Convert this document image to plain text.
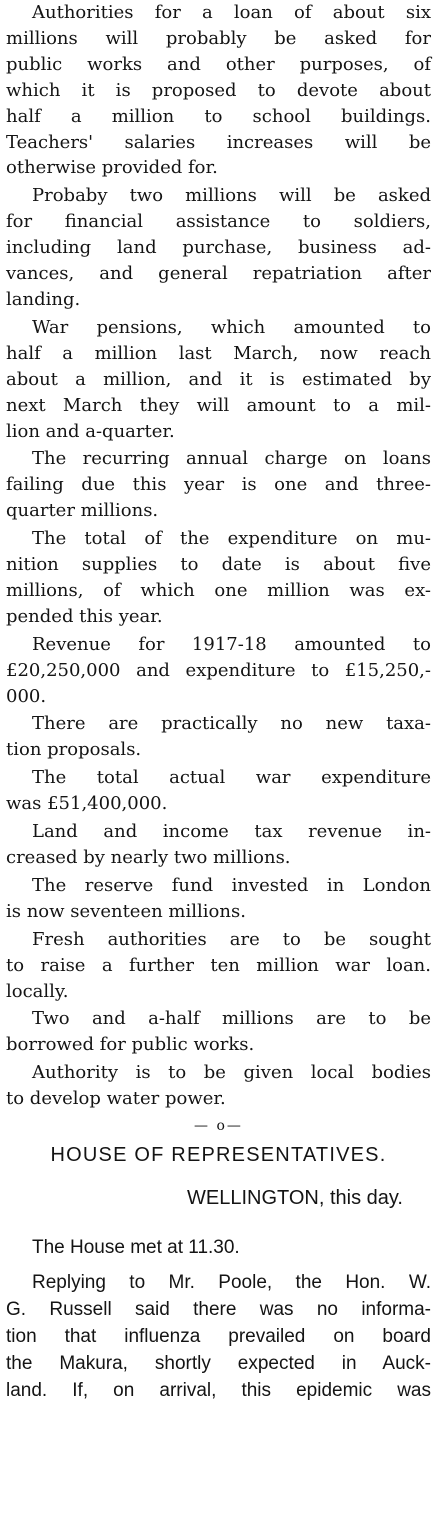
Authorities for a loan of about six
millions will probably be asked for
public works and other purposes, of
which it is proposed to devote about
half a million to school buildings.
Teachers' salaries increases will be
otherwise provided for.

Probaby two millions will be asked
for financial assistance to soldiers,
including land purchase, business ad-
vances, and general repatriation after
landing.

War pensions, which amounted to
half a million last March, now reach
about a million, and it is estimated by
next March they will amount to a mil-
lion and a-quarter.

The recurring annual charge on loans
failing due this year is one and three-
quarter millions.

The total of the expenditure on mu-
nition supplies to date is about five
millions, of which one million was ex-
pended this year.

Revenue for 1917-18 amounted to
£20,250,000 and expenditure to £15,250,-
000.

There are practically no new taxa-
tion proposals.

The total actual war expenditure
was £51,400,000.

Land and income tax revenue in-
creased by nearly two millions.

The reserve fund invested in London
is now seventeen millions.

Fresh authorities are to be sought
to raise a further ten million war loan.
locally.

Two and a-half millions are to be
borrowed for public works.

Authority is to be given local bodies
to develop water power.

— o—
HOUSE OF REPRESENTATIVES.
WELLINGTON, this day.

The House met at 11.30.

Replying to Mr. Poole, the Hon. W.
G. Russell said there was no informa-
tion that influenza prevailed on board
the Makura, shortly expected in Auck-
land. If, on arrival, this epidemic was
